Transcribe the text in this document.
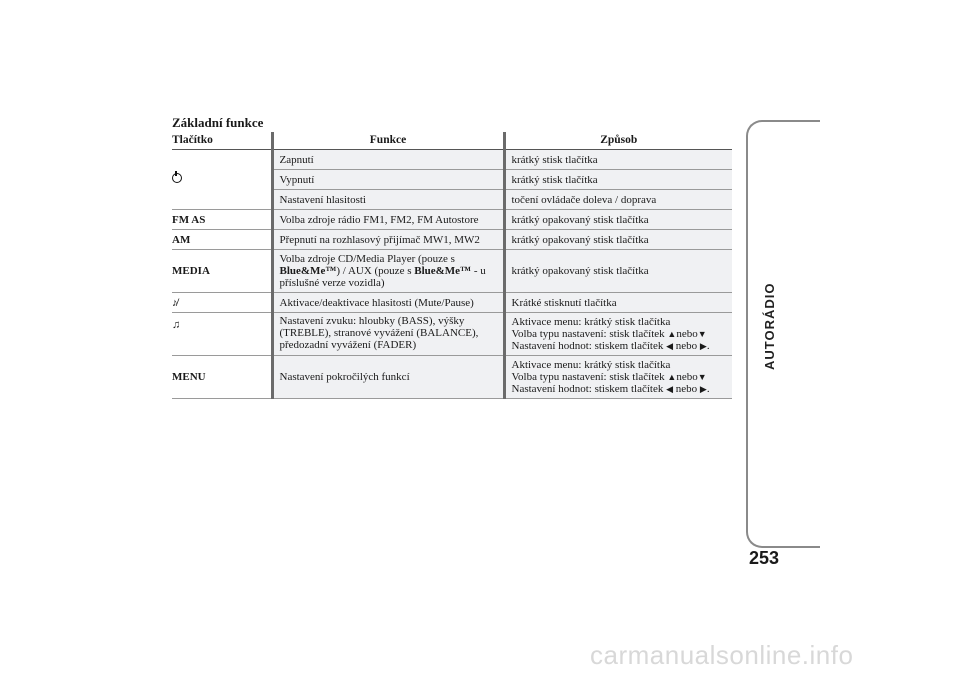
Základní funkce
Tlačítko	Funkce	Způsob
	Zapnutí	krátký stisk tlačítka
	Vypnutí	krátký stisk tlačítka
	Nastavení hlasitosti	točení ovládače doleva / doprava
FM AS	Volba zdroje rádio FM1, FM2, FM Autostore	krátký opakovaný stisk tlačítka
AM	Přepnutí na rozhlasový přijímač MW1, MW2	krátký opakovaný stisk tlačítka
MEDIA	Volba zdroje CD/Media Player (pouze s Blue&Me™) / AUX (pouze s Blue&Me™ - u příslušné verze vozidla)	krátký opakovaný stisk tlačítka
♪̸	Aktivace/deaktivace hlasitosti (Mute/Pause)	Krátké stisknutí tlačítka
♫	Nastavení zvuku: hloubky (BASS), výšky (TREBLE), stranové vyvážení (BALANCE), předozadní vyvážení (FADER)	Aktivace menu: krátký stisk tlačítka
Volba typu nastavení: stisk tlačítek ▲nebo▼
Nastavení hodnot: stiskem tlačítek ◀ nebo ▶.

MENU	Nastavení pokročilých funkcí	Aktivace menu: krátký stisk tlačítka
Volba typu nastavení: stisk tlačítek ▲nebo▼
Nastavení hodnot: stiskem tlačítek ◀ nebo ▶.
AUTORÁDIO
253
carmanualsonline.info
